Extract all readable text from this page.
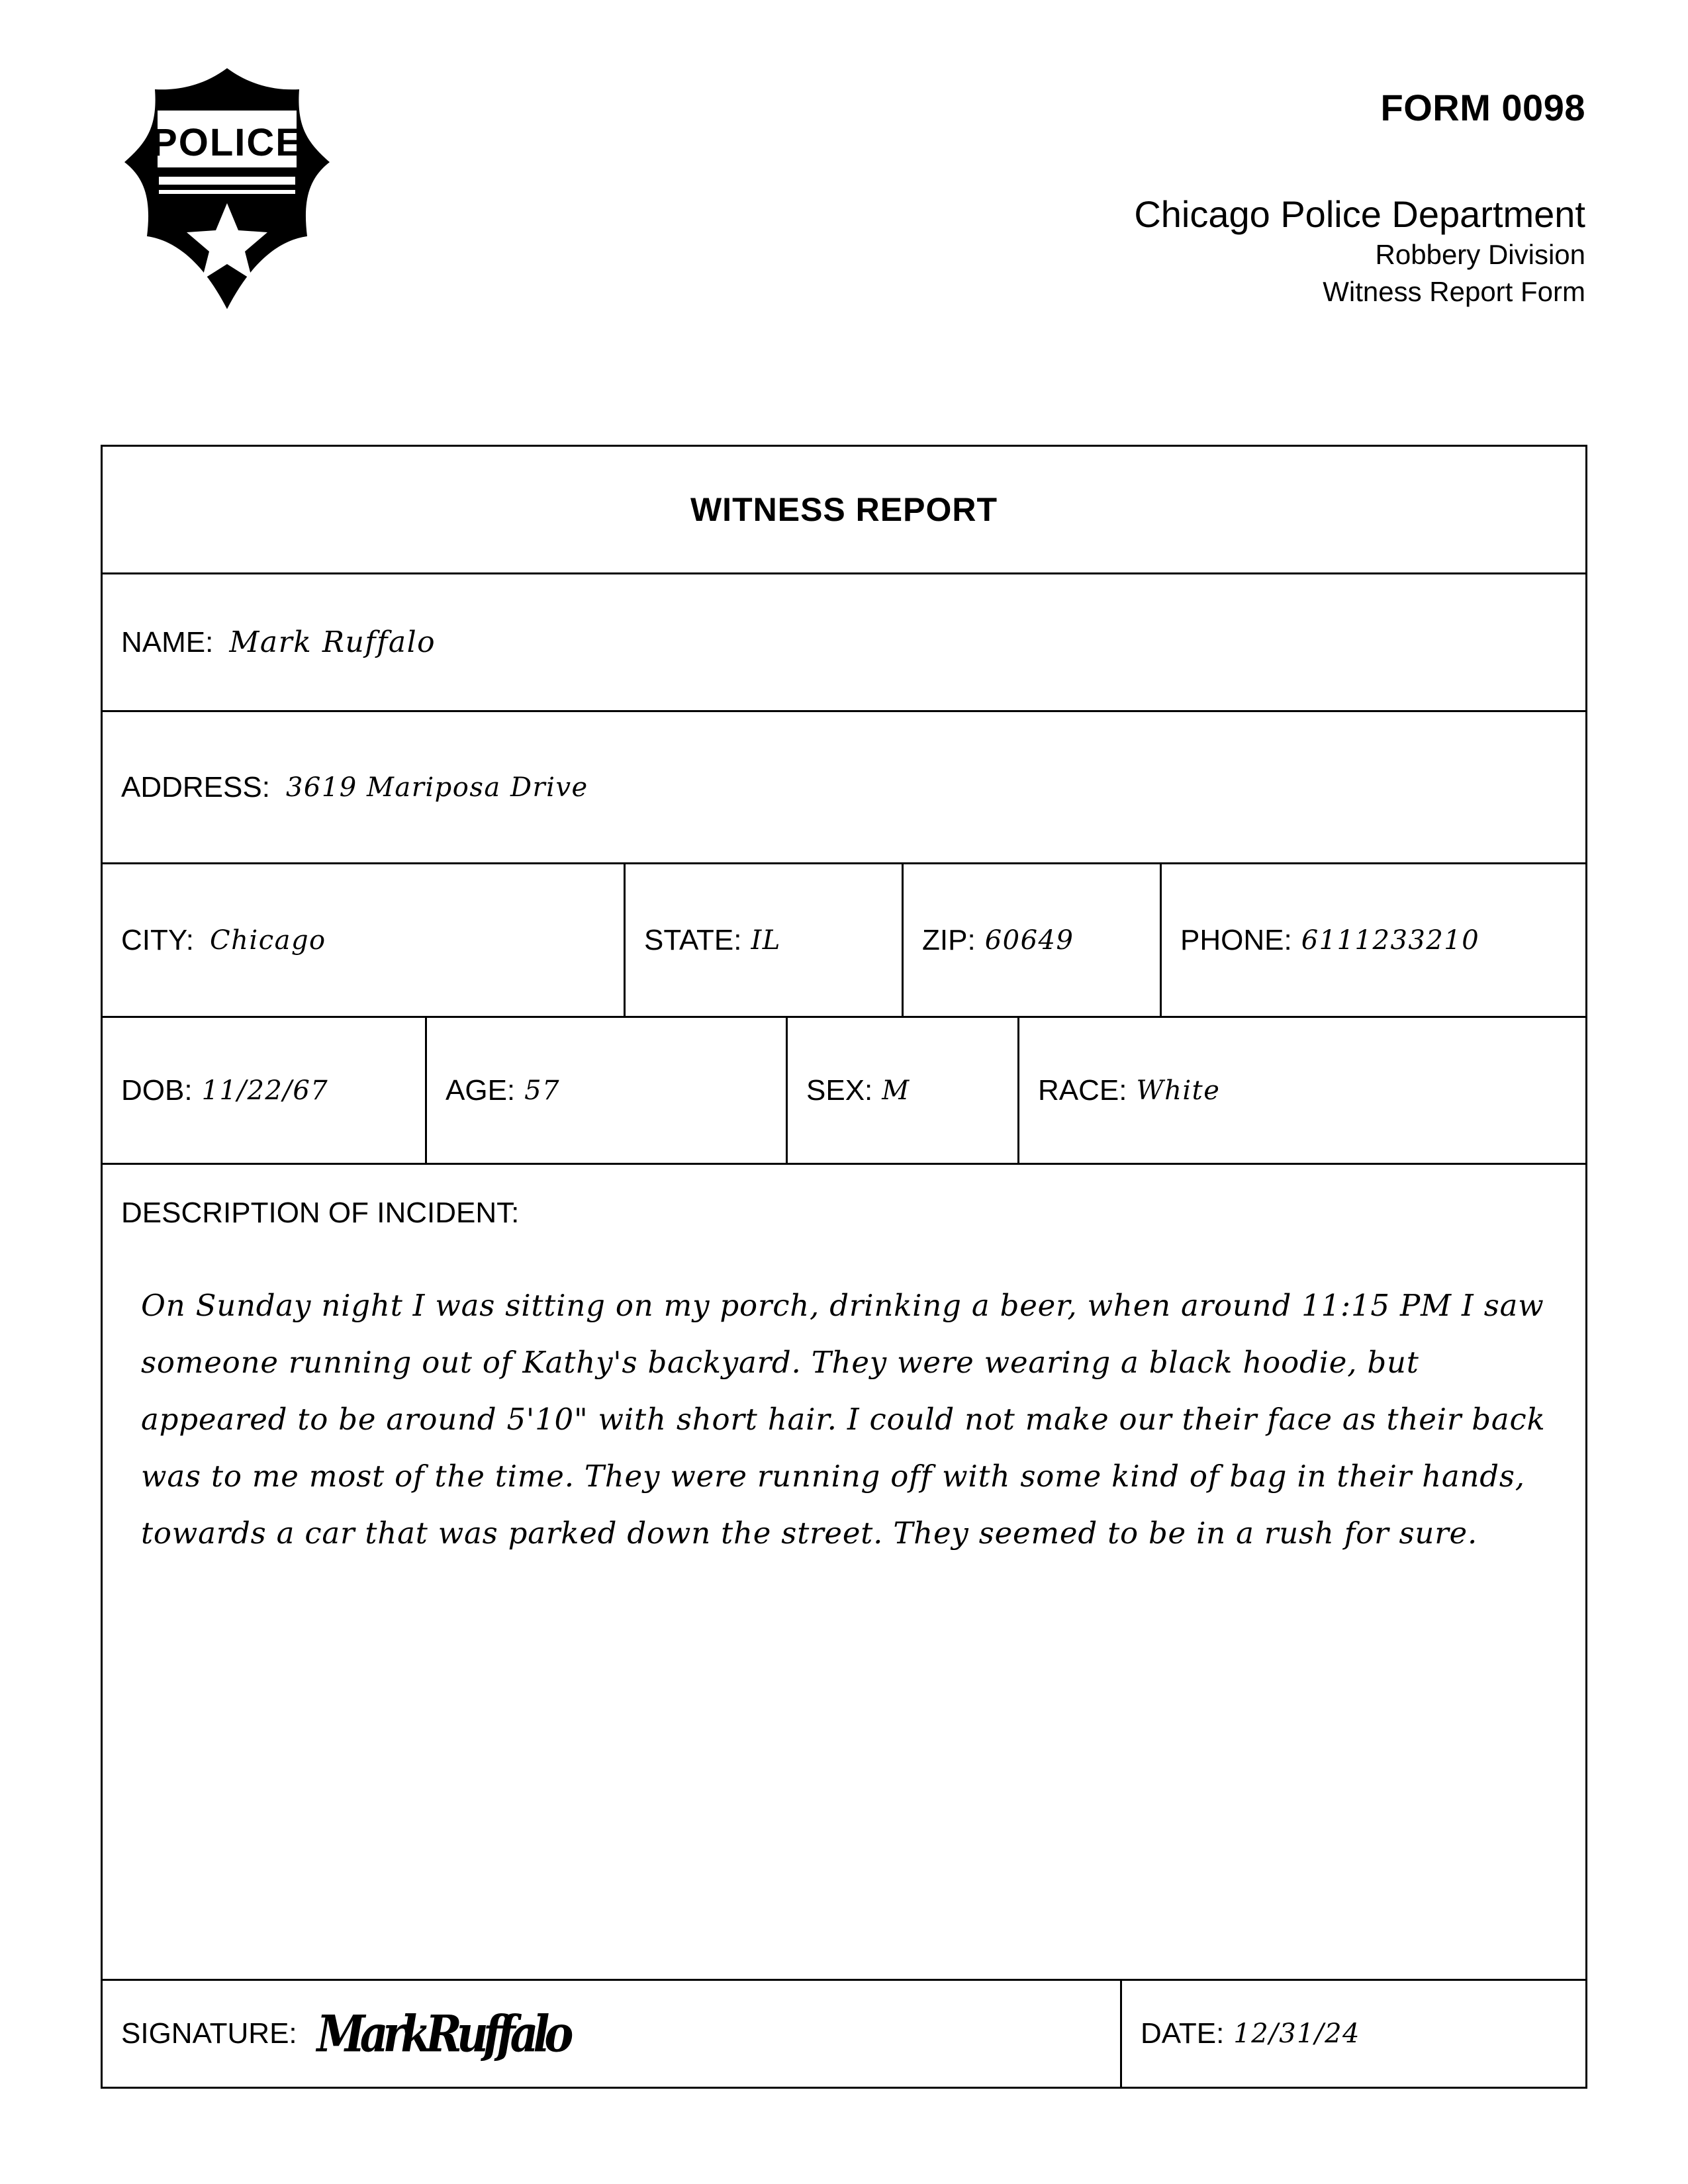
POLICE
FORM 0098
Chicago Police Department
Robbery Division
Witness Report Form
WITNESS REPORT
NAME: Mark Ruffalo
ADDRESS: 3619 Mariposa Drive
CITY: Chicago	STATE: IL	ZIP: 60649	PHONE: 6111233210
DOB: 11/22/67	AGE: 57	SEX: M	RACE: White
DESCRIPTION OF INCIDENT:
On Sunday night I was sitting on my porch, drinking a beer, when around 11:15 PM I saw someone running out of Kathy's backyard. They were wearing a black hoodie, but appeared to be around 5'10" with short hair. I could not make our their face as their back was to me most of the time. They were running off with some kind of bag in their hands, towards a car that was parked down the street. They seemed to be in a rush for sure.
SIGNATURE: MarkRuffalo	DATE: 12/31/24
